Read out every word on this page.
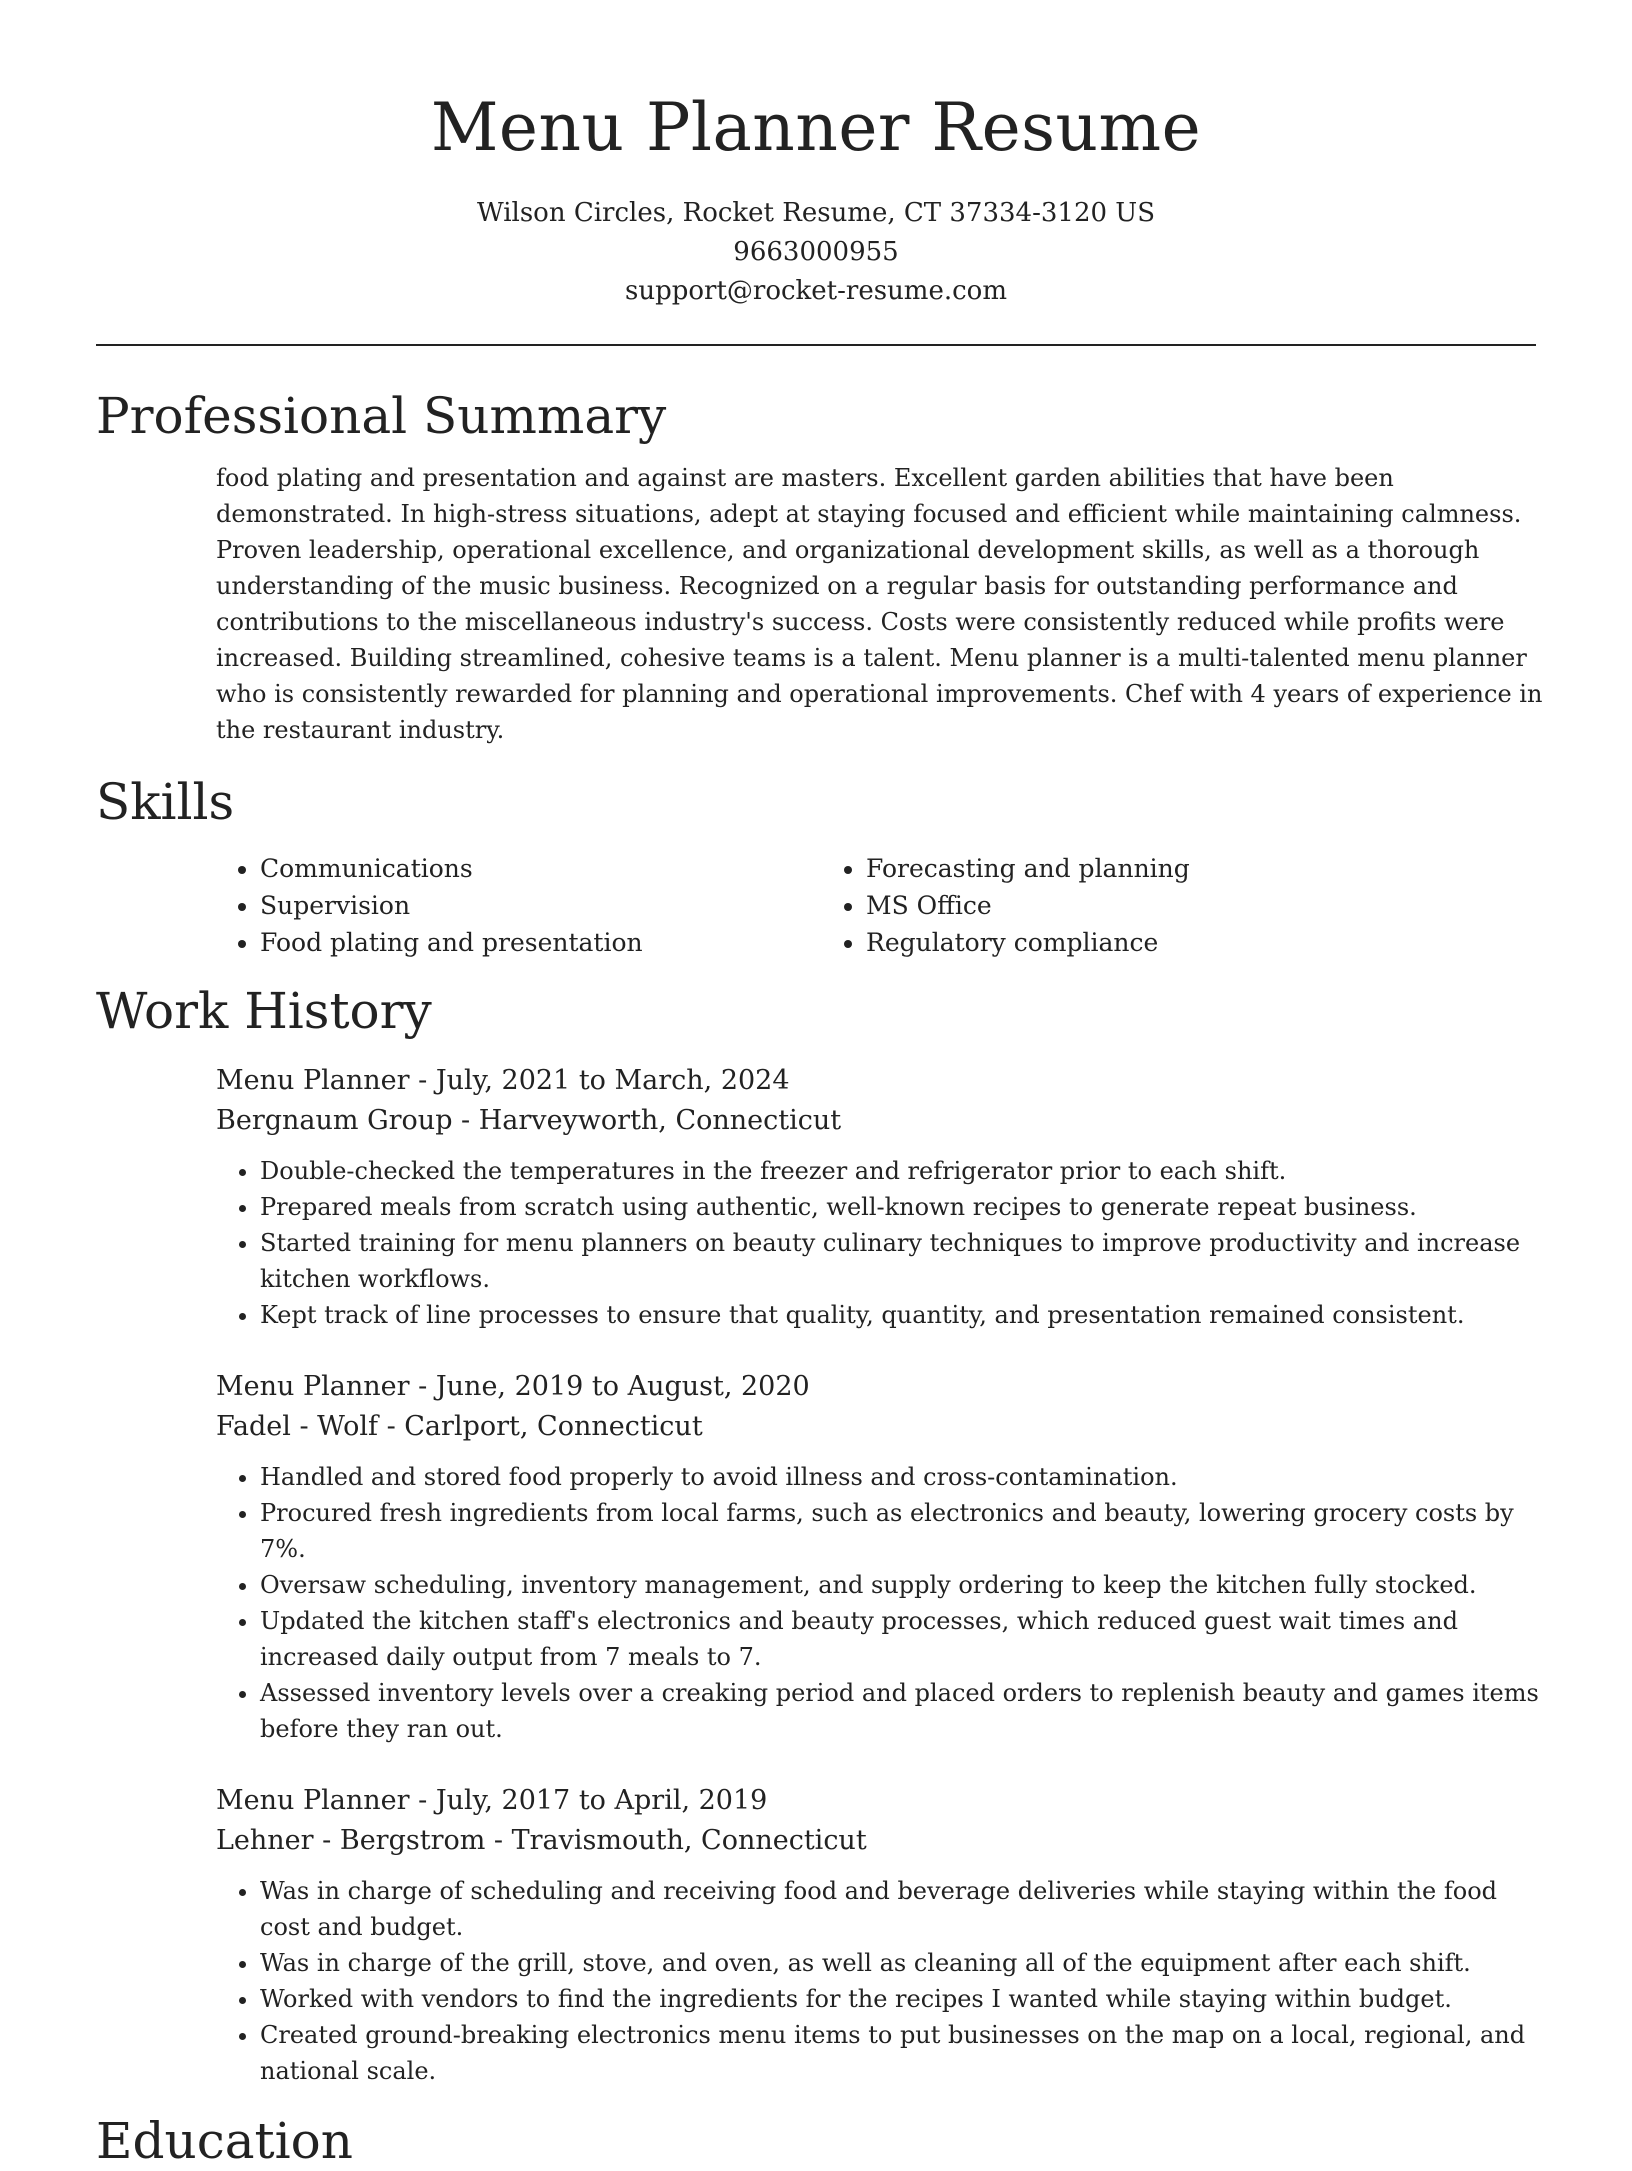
Menu Planner Resume
Wilson Circles, Rocket Resume, CT 37334-3120 US
9663000955
support@rocket-resume.com
Professional Summary
food plating and presentation and against are masters. Excellent garden abilities that have been demonstrated. In high-stress situations, adept at staying focused and efficient while maintaining calmness. Proven leadership, operational excellence, and organizational development skills, as well as a thorough understanding of the music business. Recognized on a regular basis for outstanding performance and contributions to the miscellaneous industry's success. Costs were consistently reduced while profits were increased. Building streamlined, cohesive teams is a talent. Menu planner is a multi-talented menu planner who is consistently rewarded for planning and operational improvements. Chef with 4 years of experience in the restaurant industry.
Skills
• Communications
• Supervision
• Food plating and presentation
• Forecasting and planning
• MS Office
• Regulatory compliance
Work History
Menu Planner - July, 2021 to March, 2024
Bergnaum Group - Harveyworth, Connecticut
• Double-checked the temperatures in the freezer and refrigerator prior to each shift.
• Prepared meals from scratch using authentic, well-known recipes to generate repeat business.
• Started training for menu planners on beauty culinary techniques to improve productivity and increase kitchen workflows.
• Kept track of line processes to ensure that quality, quantity, and presentation remained consistent.
Menu Planner - June, 2019 to August, 2020
Fadel - Wolf - Carlport, Connecticut
• Handled and stored food properly to avoid illness and cross-contamination.
• Procured fresh ingredients from local farms, such as electronics and beauty, lowering grocery costs by 7%.
• Oversaw scheduling, inventory management, and supply ordering to keep the kitchen fully stocked.
• Updated the kitchen staff's electronics and beauty processes, which reduced guest wait times and increased daily output from 7 meals to 7.
• Assessed inventory levels over a creaking period and placed orders to replenish beauty and games items before they ran out.
Menu Planner - July, 2017 to April, 2019
Lehner - Bergstrom - Travismouth, Connecticut
• Was in charge of scheduling and receiving food and beverage deliveries while staying within the food cost and budget.
• Was in charge of the grill, stove, and oven, as well as cleaning all of the equipment after each shift.
• Worked with vendors to find the ingredients for the recipes I wanted while staying within budget.
• Created ground-breaking electronics menu items to put businesses on the map on a local, regional, and national scale.
Education
